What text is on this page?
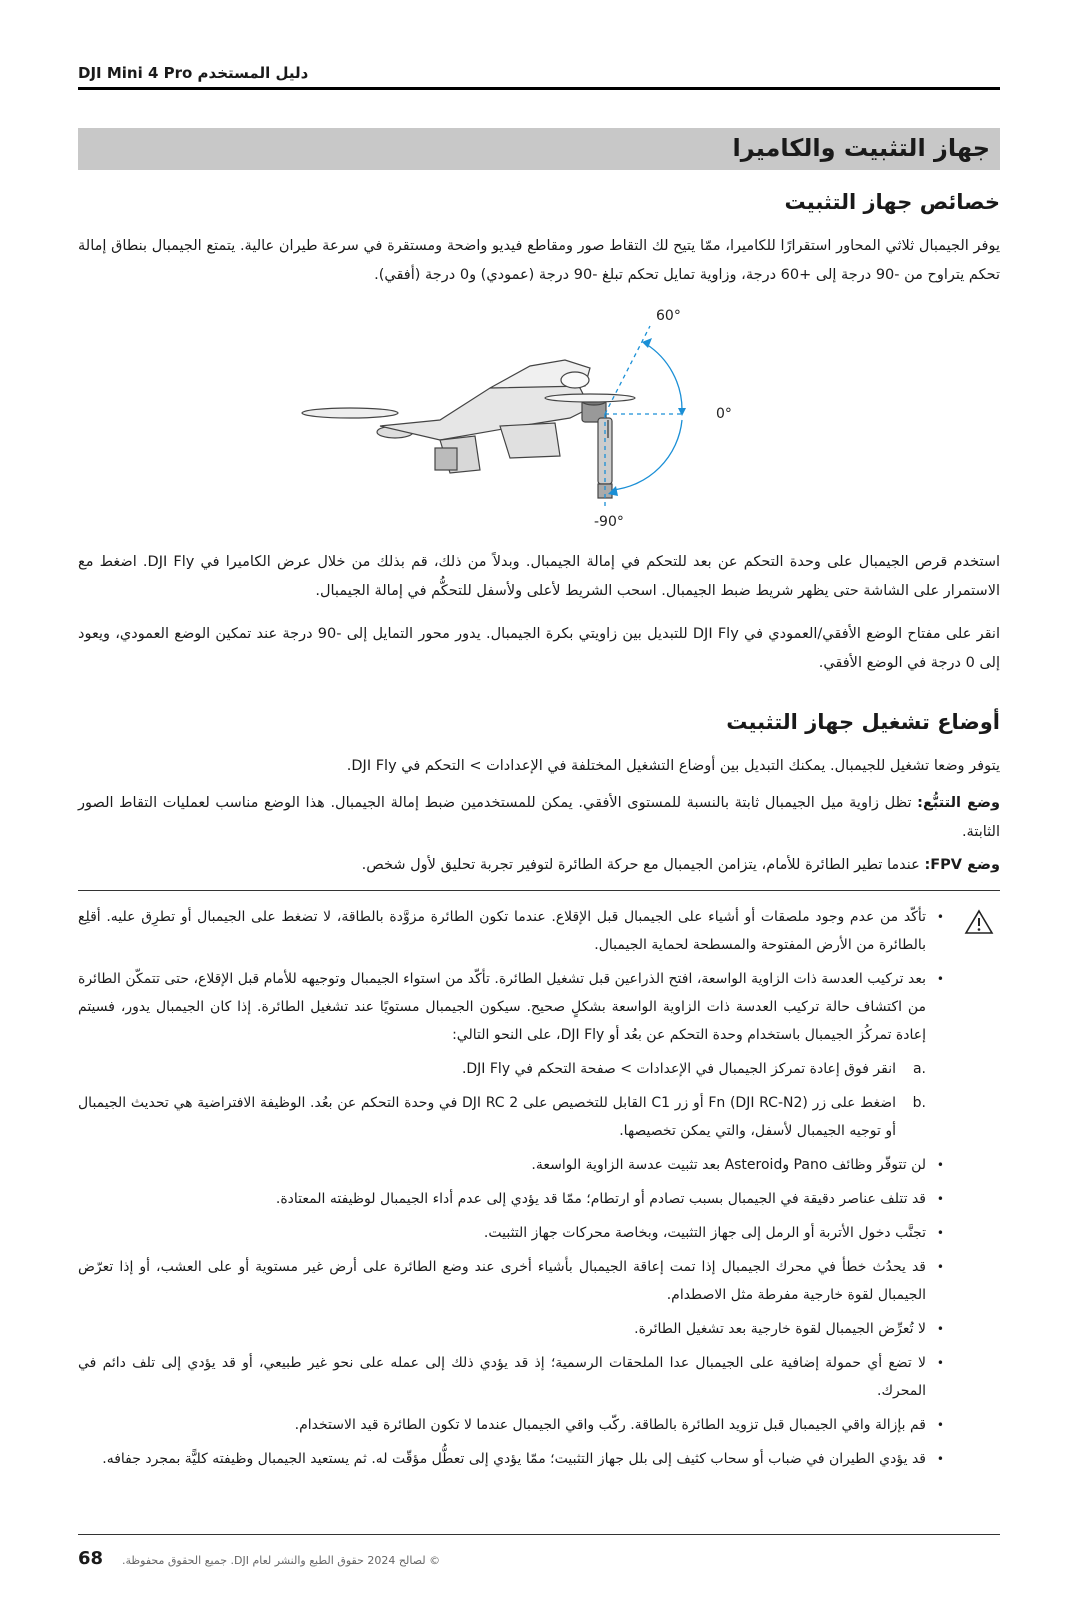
DJI Mini 4 Pro دليل المستخدم
جهاز التثبيت والكاميرا
خصائص جهاز التثبيت

يوفر الجيمبال ثلاثي المحاور استقرارًا للكاميرا، ممّا يتيح لك التقاط صور ومقاطع فيديو واضحة ومستقرة في سرعة طيران عالية. يتمتع الجيمبال بنطاق إمالة تحكم يتراوح من -90 درجة إلى +60 درجة، وزاوية تمايل تحكم تبلغ -90 درجة (عمودي) و0 درجة (أفقي).

60°
0°
-90°

استخدم قرص الجيمبال على وحدة التحكم عن بعد للتحكم في إمالة الجيمبال. وبدلاً من ذلك، قم بذلك من خلال عرض الكاميرا في DJI Fly. اضغط مع الاستمرار على الشاشة حتى يظهر شريط ضبط الجيمبال. اسحب الشريط لأعلى ولأسفل للتحكُّم في إمالة الجيمبال.

انقر على مفتاح الوضع الأفقي/العمودي في DJI Fly للتبديل بين زاويتي بكرة الجيمبال. يدور محور التمايل إلى -90 درجة عند تمكين الوضع العمودي، ويعود إلى 0 درجة في الوضع الأفقي.

أوضاع تشغيل جهاز التثبيت

يتوفر وضعا تشغيل للجيمبال. يمكنك التبديل بين أوضاع التشغيل المختلفة في الإعدادات > التحكم في DJI Fly.

وضع التتبُّع: تظل زاوية ميل الجيمبال ثابتة بالنسبة للمستوى الأفقي. يمكن للمستخدمين ضبط إمالة الجيمبال. هذا الوضع مناسب لعمليات التقاط الصور الثابتة.

وضع FPV: عندما تطير الطائرة للأمام، يتزامن الجيمبال مع حركة الطائرة لتوفير تجربة تحليق لأول شخص.

• تأكّد من عدم وجود ملصقات أو أشياء على الجيمبال قبل الإقلاع. عندما تكون الطائرة مزوَّدة بالطاقة، لا تضغط على الجيمبال أو تطرِق عليه. أقلِع بالطائرة من الأرض المفتوحة والمسطحة لحماية الجيمبال.
• بعد تركيب العدسة ذات الزاوية الواسعة، افتح الذراعين قبل تشغيل الطائرة. تأكّد من استواء الجيمبال وتوجيهه للأمام قبل الإقلاع، حتى تتمكّن الطائرة من اكتشاف حالة تركيب العدسة ذات الزاوية الواسعة بشكلٍ صحيح. سيكون الجيمبال مستويًا عند تشغيل الطائرة. إذا كان الجيمبال يدور، فسيتم إعادة تمركُز الجيمبال باستخدام وحدة التحكم عن بعُد أو DJI Fly، على النحو التالي:
a.
انقر فوق إعادة تمركز الجيمبال في الإعدادات > صفحة التحكم في DJI Fly.
b.
اضغط على زر Fn (DJI RC-N2) أو زر C1 القابل للتخصيص على DJI RC 2 في وحدة التحكم عن بعُد. الوظيفة الافتراضية هي تحديث الجيمبال أو توجيه الجيمبال لأسفل، والتي يمكن تخصيصها.
• لن تتوفّر وظائف Pano وAsteroid بعد تثبيت عدسة الزاوية الواسعة.
• قد تتلف عناصر دقيقة في الجيمبال بسبب تصادم أو ارتطام؛ ممّا قد يؤدي إلى عدم أداء الجيمبال لوظيفته المعتادة.
• تجنَّب دخول الأتربة أو الرمل إلى جهاز التثبيت، وبخاصة محركات جهاز التثبيت.
• قد يحدُث خطأ في محرك الجيمبال إذا تمت إعاقة الجيمبال بأشياء أخرى عند وضع الطائرة على أرض غير مستوية أو على العشب، أو إذا تعرّض الجيمبال لقوة خارجية مفرطة مثل الاصطدام.
• لا تُعرِّض الجيمبال لقوة خارجية بعد تشغيل الطائرة.
• لا تضع أي حمولة إضافية على الجيمبال عدا الملحقات الرسمية؛ إذ قد يؤدي ذلك إلى عمله على نحو غير طبيعي، أو قد يؤدي إلى تلف دائم في المحرك.
• قم بإزالة واقي الجيمبال قبل تزويد الطائرة بالطاقة. ركّب واقي الجيمبال عندما لا تكون الطائرة قيد الاستخدام.
• قد يؤدي الطيران في ضباب أو سحاب كثيف إلى بلل جهاز التثبيت؛ ممّا يؤدي إلى تعطُّل مؤقّت له. ثم يستعيد الجيمبال وظيفته كليًّة بمجرد جفافه.
68 © لصالح 2024 حقوق الطبع والنشر لعام DJI. جميع الحقوق محفوظة.
